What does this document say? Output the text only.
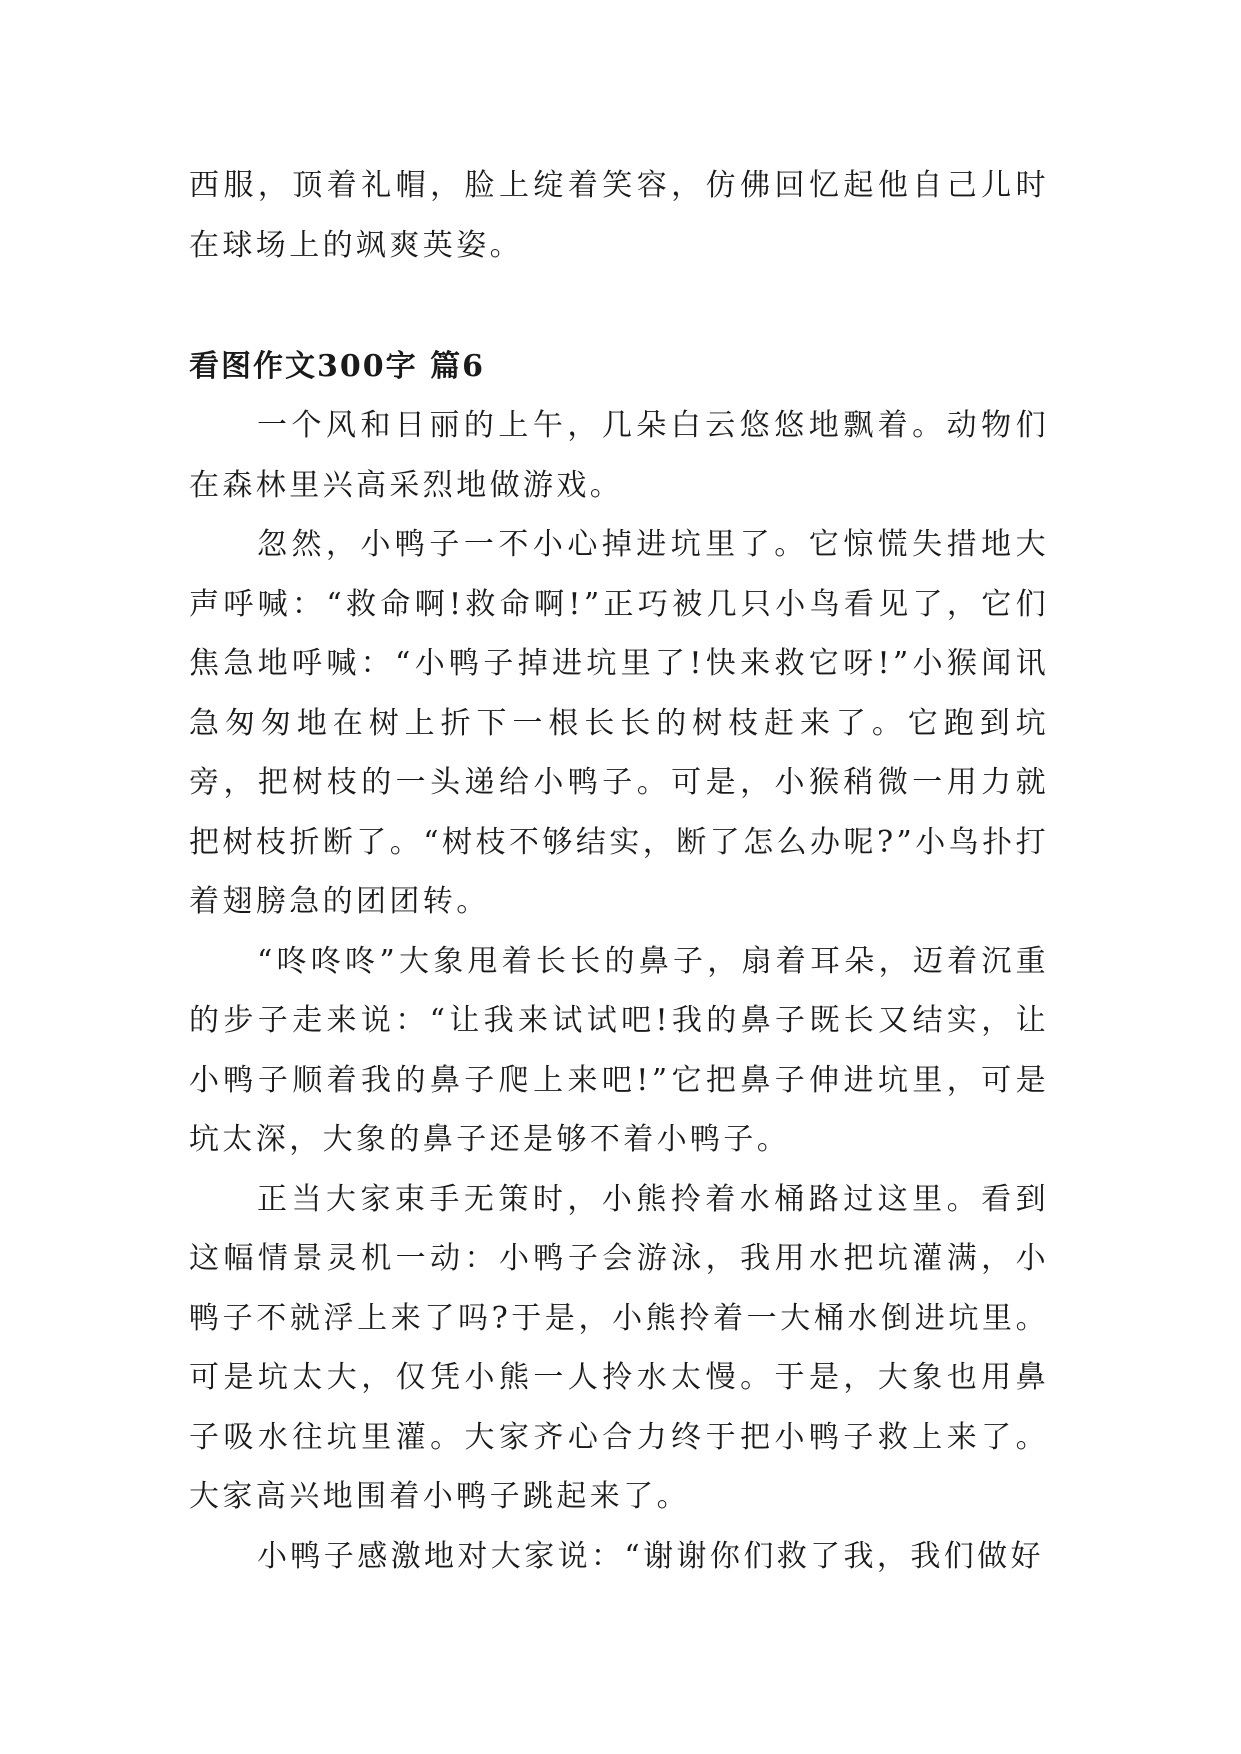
西服，顶着礼帽，脸上绽着笑容，仿佛回忆起他自己儿时在球场上的飒爽英姿。

看图作文300字 篇6

一个风和日丽的上午，几朵白云悠悠地飘着。动物们在森林里兴高采烈地做游戏。

忽然，小鸭子一不小心掉进坑里了。它惊慌失措地大声呼喊：“救命啊!救命啊!”正巧被几只小鸟看见了，它们焦急地呼喊：“小鸭子掉进坑里了!快来救它呀!”小猴闻讯急匆匆地在树上折下一根长长的树枝赶来了。它跑到坑旁，把树枝的一头递给小鸭子。可是，小猴稍微一用力就把树枝折断了。“树枝不够结实，断了怎么办呢?”小鸟扑打着翅膀急的团团转。

“咚咚咚”大象甩着长长的鼻子，扇着耳朵，迈着沉重的步子走来说：“让我来试试吧!我的鼻子既长又结实，让小鸭子顺着我的鼻子爬上来吧!”它把鼻子伸进坑里，可是坑太深，大象的鼻子还是够不着小鸭子。

正当大家束手无策时，小熊拎着水桶路过这里。看到这幅情景灵机一动：小鸭子会游泳，我用水把坑灌满，小鸭子不就浮上来了吗?于是，小熊拎着一大桶水倒进坑里。可是坑太大，仅凭小熊一人拎水太慢。于是，大象也用鼻子吸水往坑里灌。大家齐心合力终于把小鸭子救上来了。大家高兴地围着小鸭子跳起来了。

小鸭子感激地对大家说：“谢谢你们救了我，我们做好
